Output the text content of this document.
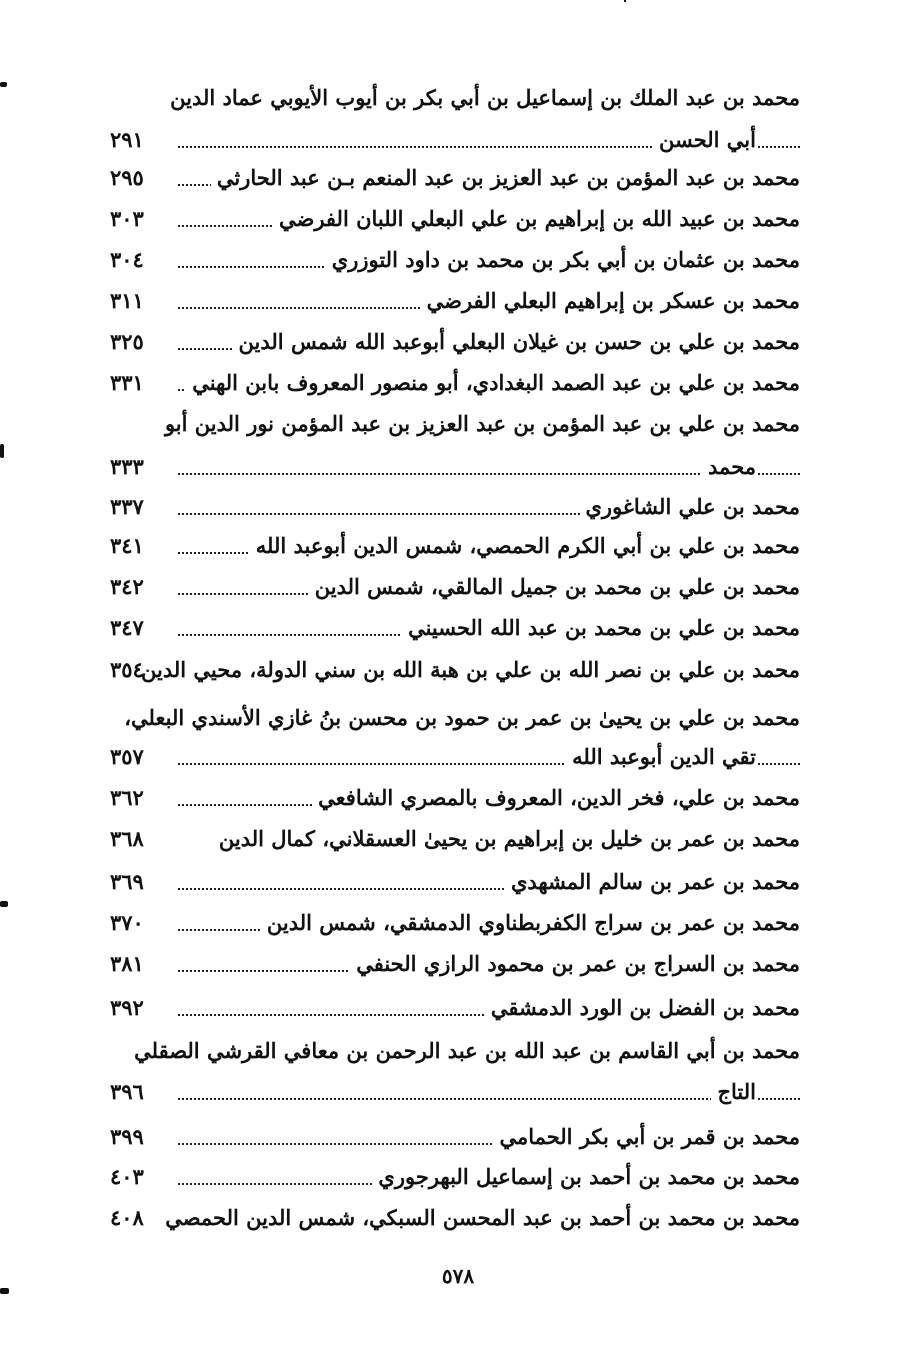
محمد بن عبد الملك بن إسماعيل بن أبي بكر بن أيوب الأيوبي عماد الدين
أبي الحسن
٢٩١
محمد بن عبد المؤمن بن عبد العزيز بن عبد المنعم بـن عبد الحارثي
٢٩٥
محمد بن عبيد الله بن إبراهيم بن علي البعلي اللبان الفرضي
٣٠٣
محمد بن عثمان بن أبي بكر بن محمد بن داود التوزري
٣٠٤
محمد بن عسكر بن إبراهيم البعلي الفرضي
٣١١
محمد بن علي بن حسن بن غيلان البعلي أبوعبد الله شمس الدين
٣٢٥
محمد بن علي بن عبد الصمد البغدادي، أبو منصور المعروف بابن الهني
٣٣١
محمد بن علي بن عبد المؤمن بن عبد العزيز بن عبد المؤمن نور الدين أبو
محمد
٣٣٣
محمد بن علي الشاغوري
٣٣٧
محمد بن علي بن أبي الكرم الحمصي، شمس الدين أبوعبد الله
٣٤١
محمد بن علي بن محمد بن جميل المالقي، شمس الدين
٣٤٢
محمد بن علي بن محمد بن عبد الله الحسيني
٣٤٧
محمد بن علي بن نصر الله بن علي بن هبة الله بن سني الدولة، محيي الدين
٣٥٤
محمد بن علي بن يحيىٰ بن عمر بن حمود بن محسن بنُ غازي الأسندي البعلي،
تقي الدين أبوعبد الله
٣٥٧
محمد بن علي، فخر الدين، المعروف بالمصري الشافعي
٣٦٢
محمد بن عمر بن خليل بن إبراهيم بن يحيىٰ العسقلاني، كمال الدين
٣٦٨
محمد بن عمر بن سالم المشهدي
٣٦٩
محمد بن عمر بن سراج الكفربطناوي الدمشقي، شمس الدين
٣٧٠
محمد بن السراج بن عمر بن محمود الرازي الحنفي
٣٨١
محمد بن الفضل بن الورد الدمشقي
٣٩٢
محمد بن أبي القاسم بن عبد الله بن عبد الرحمن بن معافي القرشي الصقلي
التاج
٣٩٦
محمد بن قمر بن أبي بكر الحمامي
٣٩٩
محمد بن محمد بن أحمد بن إسماعيل البهرجوري
٤٠٣
محمد بن محمد بن أحمد بن عبد المحسن السبكي، شمس الدين الحمصي
٤٠٨
٥٧٨
